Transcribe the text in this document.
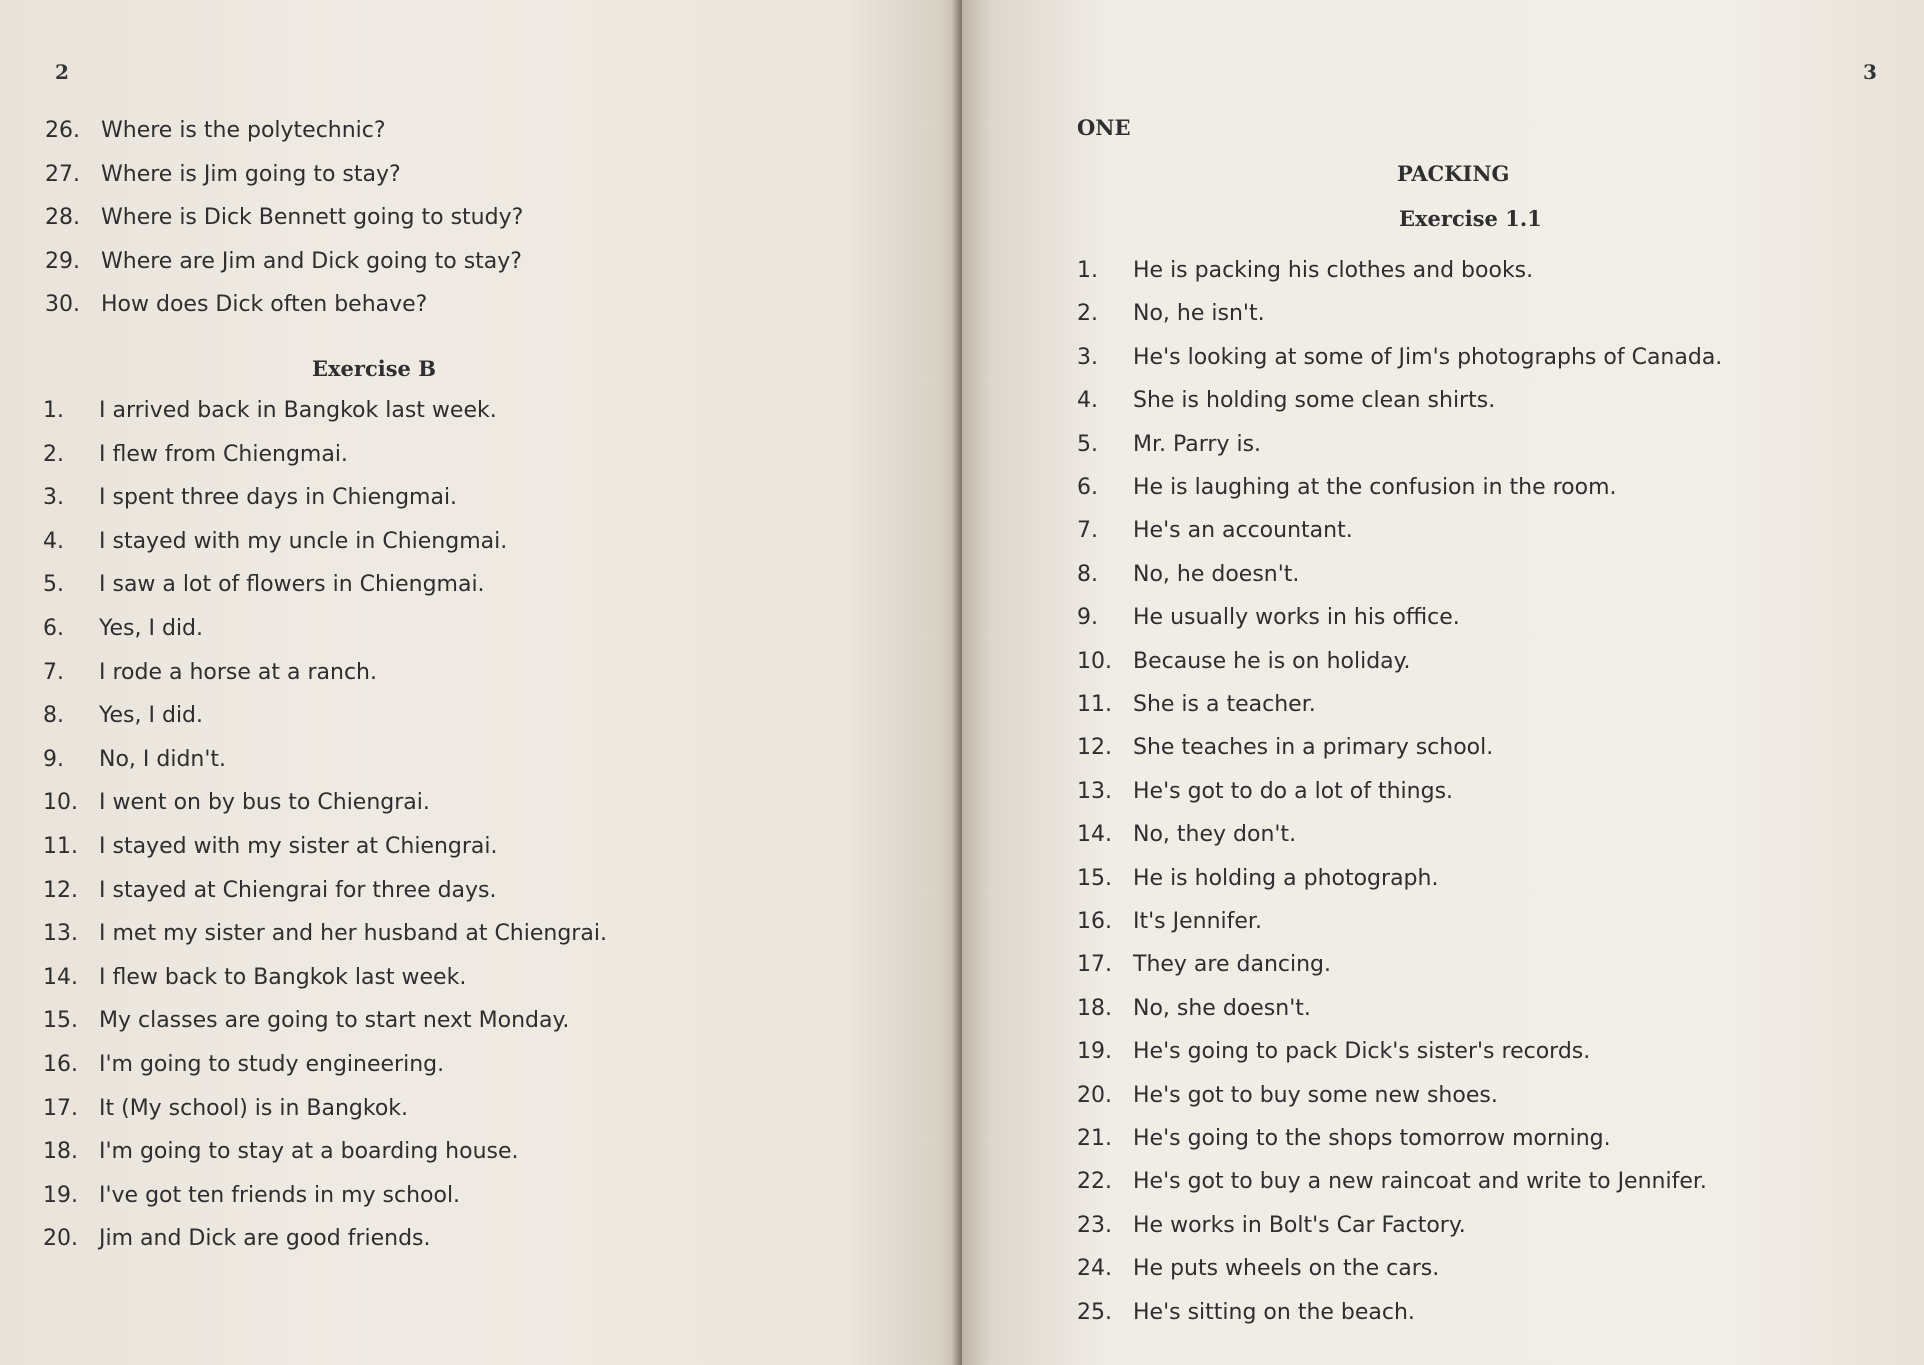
2
26. Where is the polytechnic?
27. Where is Jim going to stay?
28. Where is Dick Bennett going to study?
29. Where are Jim and Dick going to stay?
30. How does Dick often behave?
Exercise B
1. I arrived back in Bangkok last week.
2. I flew from Chiengmai.
3. I spent three days in Chiengmai.
4. I stayed with my uncle in Chiengmai.
5. I saw a lot of flowers in Chiengmai.
6. Yes, I did.
7. I rode a horse at a ranch.
8. Yes, I did.
9. No, I didn't.
10. I went on by bus to Chiengrai.
11. I stayed with my sister at Chiengrai.
12. I stayed at Chiengrai for three days.
13. I met my sister and her husband at Chiengrai.
14. I flew back to Bangkok last week.
15. My classes are going to start next Monday.
16. I'm going to study engineering.
17. It (My school) is in Bangkok.
18. I'm going to stay at a boarding house.
19. I've got ten friends in my school.
20. Jim and Dick are good friends.
ONE
PACKING
Exercise 1.1
1. He is packing his clothes and books.
2. No, he isn't.
3. He's looking at some of Jim's photographs of Canada.
4. She is holding some clean shirts.
5. Mr. Parry is.
6. He is laughing at the confusion in the room.
7. He's an accountant.
8. No, he doesn't.
9. He usually works in his office.
10. Because he is on holiday.
11. She is a teacher.
12. She teaches in a primary school.
13. He's got to do a lot of things.
14. No, they don't.
15. He is holding a photograph.
16. It's Jennifer.
17. They are dancing.
18. No, she doesn't.
19. He's going to pack Dick's sister's records.
20. He's got to buy some new shoes.
21. He's going to the shops tomorrow morning.
22. He's got to buy a new raincoat and write to Jennifer.
23. He works in Bolt's Car Factory.
24. He puts wheels on the cars.
25. He's sitting on the beach.
3
